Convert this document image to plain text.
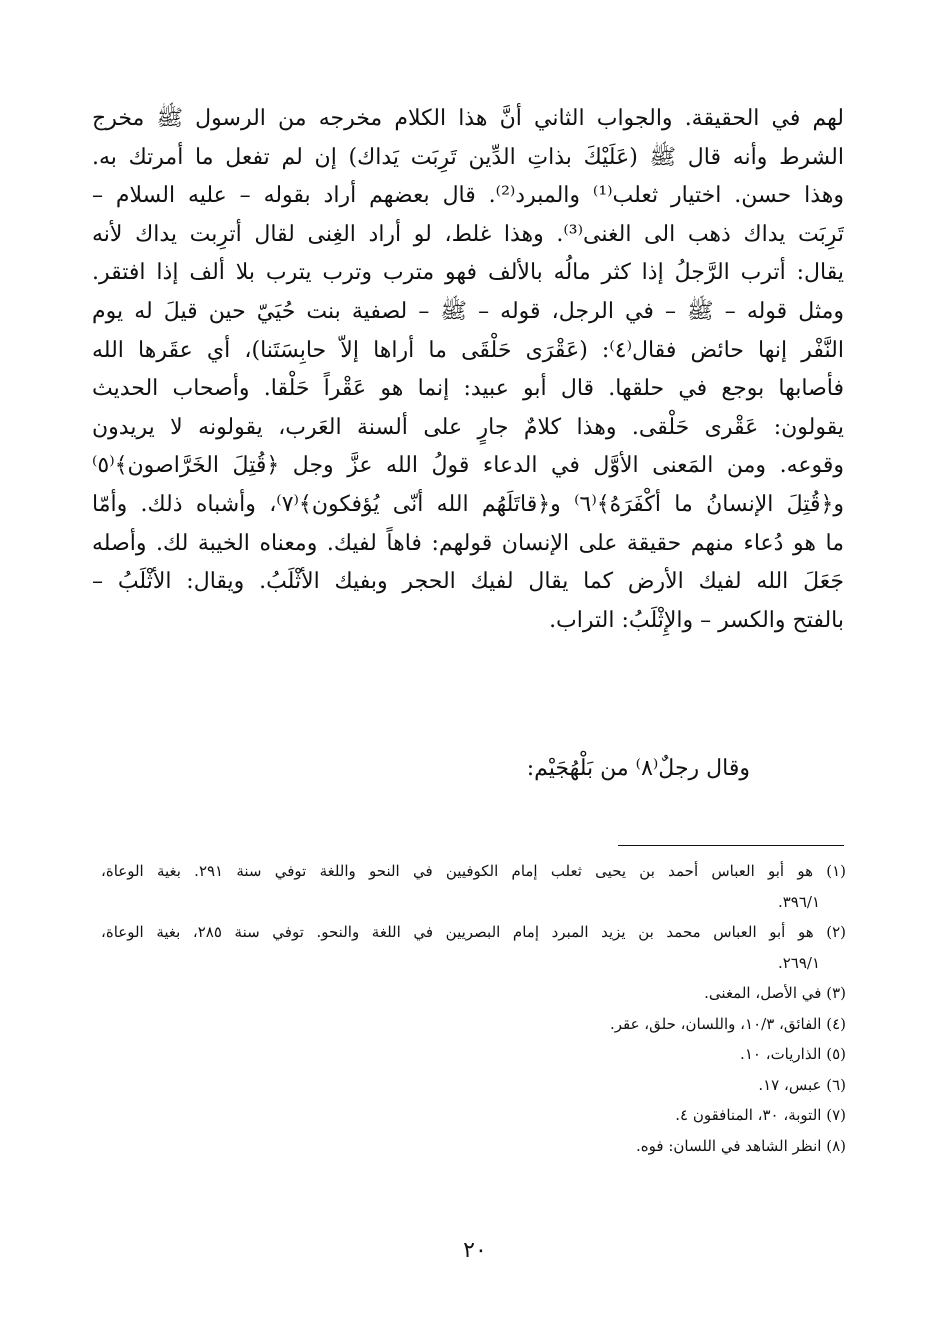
لهم في الحقيقة. والجواب الثاني أنَّ هذا الكلام مخرجه من الرسول ﷺ مخرج
الشرط وأنه قال ﷺ (عَلَيْكَ بذاتِ الدِّين تَرِبَت يَداك) إن لم تفعل ما أمرتك به.
وهذا حسن. اختيار ثعلب⁽¹⁾ والمبرد⁽²⁾. قال بعضهم أراد بقوله – عليه السلام –
تَرِبَت يداك ذهب الى الغنى⁽³⁾. وهذا غلط، لو أراد الغِنى لقال أترِبت يداك لأنه
يقال: أترب الرَّجلُ إذا كثر مالُه بالألف فهو مترب وترب يترب بلا ألف إذا افتقر.
ومثل قوله – ﷺ – في الرجل، قوله – ﷺ – لصفية بنت حُيَيّ حين قيلَ له يوم
النَّفْر إنها حائض فقال⁽٤⁾: (عَقْرَى حَلْقَى ما أراها إلاّ حابِسَتَنا)، أي عقَرها الله
فأصابها بوجع في حلقها. قال أبو عبيد: إنما هو عَقْراً حَلْقا. وأصحاب الحديث
يقولون: عَقْرى حَلْقى. وهذا كلامٌ جارٍ على ألسنة العَرب، يقولونه لا يريدون
وقوعه. ومن المَعنى الأوَّل في الدعاء قولُ الله عزَّ وجل ﴿قُتِلَ الخَرَّاصون﴾⁽٥⁾
و﴿قُتِلَ الإنسانُ ما أكْفَرَهُ﴾⁽٦⁾ و﴿قاتَلَهُم الله أنّى يُؤفكون﴾⁽٧⁾، وأشباه ذلك. وأمّا
ما هو دُعاء منهم حقيقة على الإنسان قولهم: فاهاً لفيك. ومعناه الخيبة لك. وأصله
جَعَلَ الله لفيك الأرض كما يقال لفيك الحجر وبفيك الأثْلَبُ. ويقال: الأثْلَبُ –
بالفتح والكسر – والإِثْلَبُ: التراب.
وقال رجلٌ⁽٨⁾ من بَلْهُجَيْم:
(١) هو أبو العباس أحمد بن يحيى ثعلب إمام الكوفيين في النحو واللغة توفي سنة ٢٩١. بغية الوعاة،
٣٩٦/١.
(٢) هو أبو العباس محمد بن يزيد المبرد إمام البصريين في اللغة والنحو. توفي سنة ٢٨٥، بغية الوعاة،
٢٦٩/١.
(٣) في الأصل، المغنى.
(٤) الفائق، ١٠/٣، واللسان، حلق، عقر.
(٥) الذاريات، ١٠.
(٦) عبس، ١٧.
(٧) التوبة، ٣٠، المنافقون ٤.
(٨) انظر الشاهد في اللسان: فوه.
٢٠
